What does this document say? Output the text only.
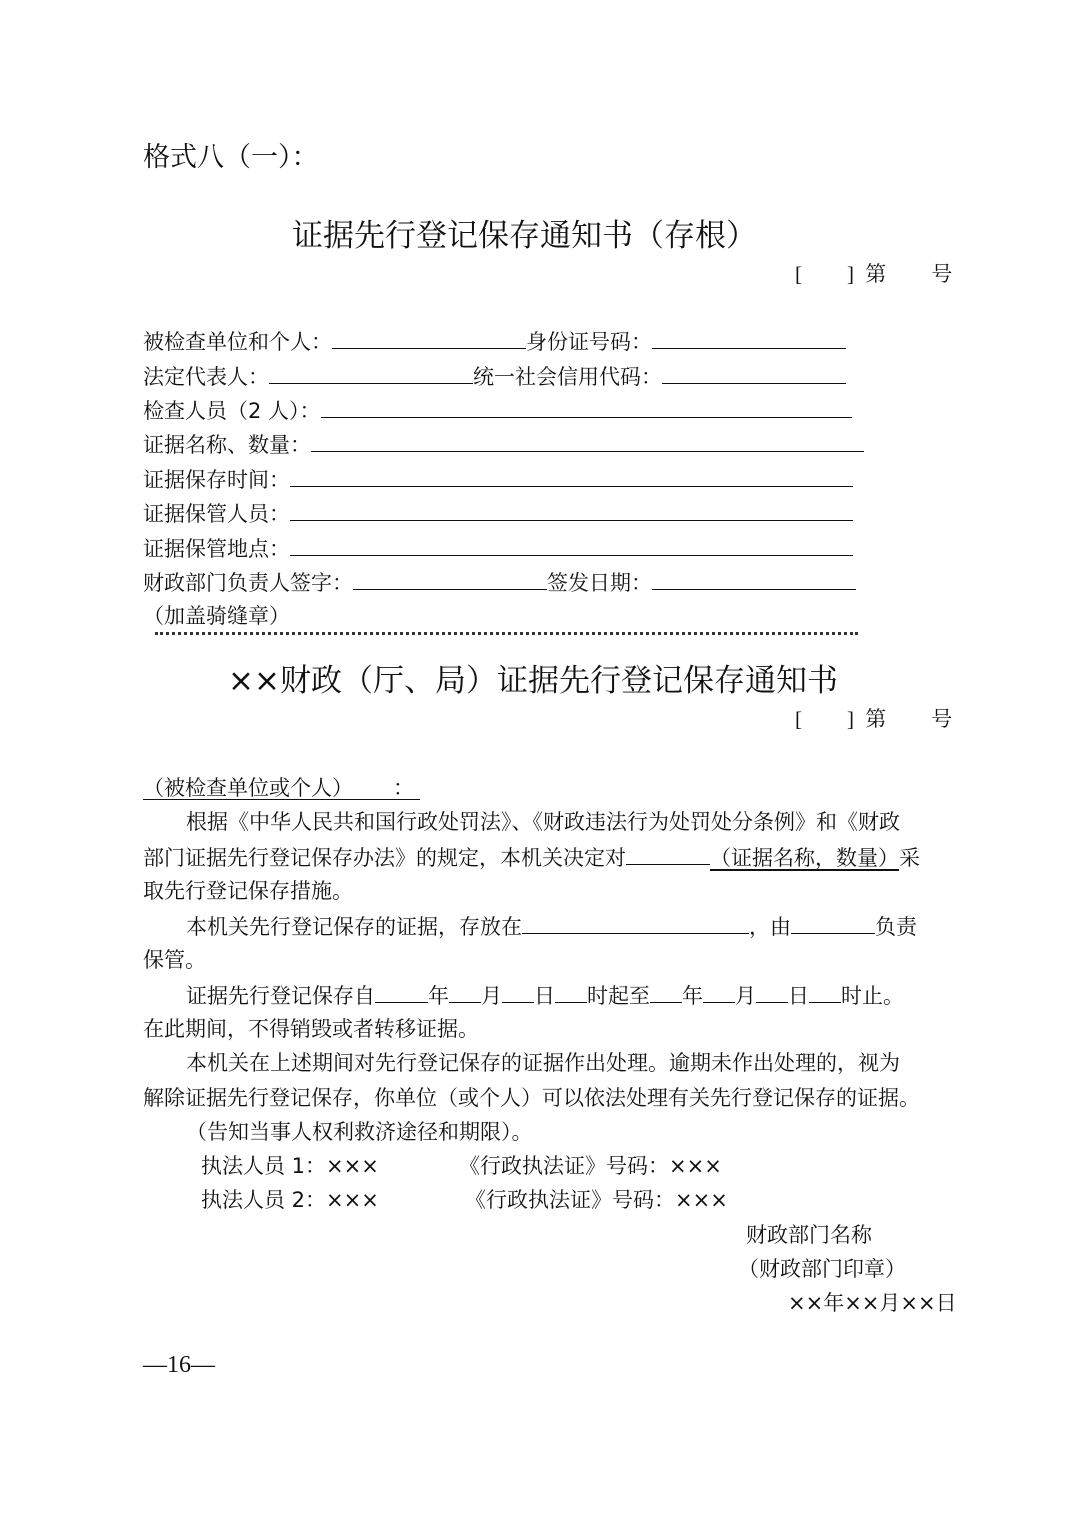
格式八（一）：
证据先行登记保存通知书（存根）
[    ] 第    号
被检查单位和个人：	身份证号码：
法定代表人：	统一社会信用代码：
检查人员（2 人）：
证据名称、数量：
证据保存时间：
证据保管人员：
证据保管地点：
财政部门负责人签字：	签发日期：
（加盖骑缝章）
××财政（厅、局）证据先行登记保存通知书
[    ] 第    号
（被检查单位或个人）      ：
根据《中华人民共和国行政处罚法》、《财政违法行为处罚处分条例》和《财政
部门证据先行登记保存办法》的规定，本机关决定对	（证据名称，数量）采
取先行登记保存措施。
本机关先行登记保存的证据，存放在	，由	负责
保管。
证据先行登记保存自	年 月 日 时起至 年 月 日 时止。
在此期间，不得销毁或者转移证据。
本机关在上述期间对先行登记保存的证据作出处理。逾期未作出处理的，视为
解除证据先行登记保存，你单位（或个人）可以依法处理有关先行登记保存的证据。
（告知当事人权利救济途径和期限）。
执法人员 1：×××	《行政执法证》号码：×××
执法人员 2：×××	《行政执法证》号码：×××
财政部门名称
（财政部门印章）
××年××月××日
—16—
